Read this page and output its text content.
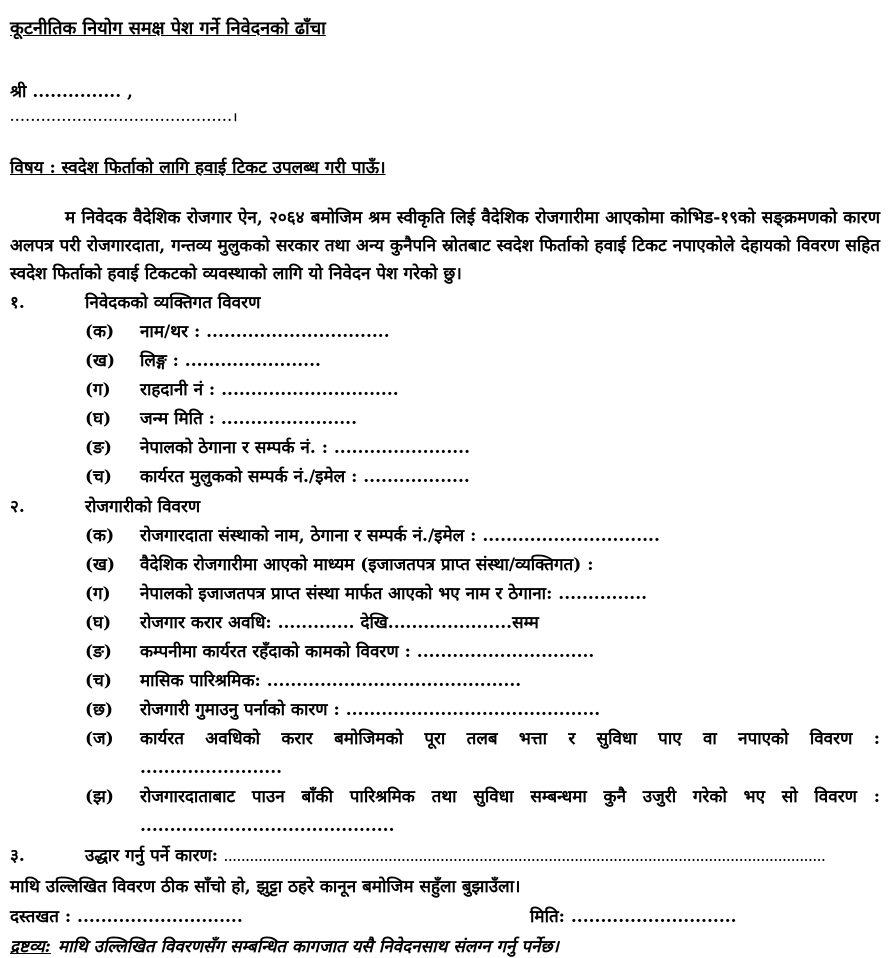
कूटनीतिक नियोग समक्ष पेश गर्ने निवेदनको ढाँचा
श्री ............... ,
...........................................।
विषय : स्वदेश फिर्ताको लागि हवाई टिकट उपलब्ध गरी पाऊँ।

म निवेदक वैदेशिक रोजगार ऐन, २०६४ बमोजिम श्रम स्वीकृति लिई वैदेशिक रोजगारीमा आएकोमा कोभिड-१९को सङ्क्रमणको कारण अलपत्र परी रोजगारदाता, गन्तव्य मुलुकको सरकार तथा अन्य कुनैपनि स्रोतबाट स्वदेश फिर्ताको हवाई टिकट नपाएकोले देहायको विवरण सहित स्वदेश फिर्ताको हवाई टिकटको व्यवस्थाको लागि यो निवेदन पेश गरेको छु।

१.	निवेदकको व्यक्तिगत विवरण
(क)	नाम/थर : ...............................
(ख)	लिङ्ग : .......................
(ग)	राहदानी नं : ..............................
(घ)	जन्म मिति : .......................
(ङ)	नेपालको ठेगाना र सम्पर्क नं. : .......................
(च)	कार्यरत मुलुकको सम्पर्क नं./इमेल : ..................
२.	रोजगारीको विवरण
(क)	रोजगारदाता संस्थाको नाम, ठेगाना र सम्पर्क नं./इमेल : ..............................
(ख)	वैदेशिक रोजगारीमा आएको माध्यम (इजाजतपत्र प्राप्त संस्था/व्यक्तिगत) :
(ग)	नेपालको इजाजतपत्र प्राप्त संस्था मार्फत आएको भए नाम र ठेगाना: ...............
(घ)	रोजगार करार अवधि: ............. देखि.....................सम्म
(ङ)	कम्पनीमा कार्यरत रहँदाको कामको विवरण : ..............................
(च)	मासिक पारिश्रमिक: ...........................................
(छ)	रोजगारी गुमाउनु पर्नाको कारण : ...........................................
(ज)	कार्यरत अवधिको करार बमोजिमको पूरा तलब भत्ता र सुविधा पाए वा नपाएको विवरण :
........................
(झ)	रोजगारदाताबाट पाउन बाँकी पारिश्रमिक तथा सुविधा सम्बन्धमा कुनै उजुरी गरेको भए सो विवरण :
...........................................
३.	उद्धार गर्नु पर्ने कारण: ...........................................................................................................................................
माथि उल्लिखित विवरण ठीक साँचो हो, झुट्टा ठहरे कानून बमोजिम सहुँला बुझाउँला।
दस्तखत : ............................	मिति: ............................
द्रष्टव्य: माथि उल्लिखित विवरणसँग सम्बन्धित कागजात यसै निवेदनसाथ संलग्न गर्नु पर्नेछ।
